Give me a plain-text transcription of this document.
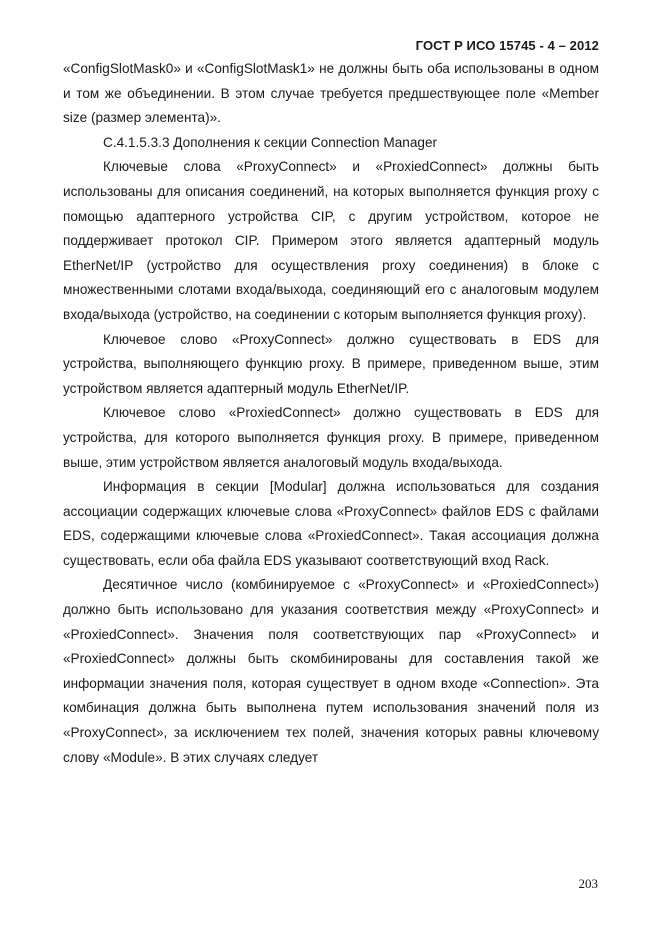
ГОСТ Р ИСО 15745 - 4 – 2012

«ConfigSlotMask0» и «ConfigSlotMask1» не должны быть оба использованы в одном и том же объединении. В этом случае требуется предшествующее поле «Member size (размер элемента)».

C.4.1.5.3.3 Дополнения к секции Connection Manager

Ключевые слова «ProxyConnect» и «ProxiedConnect» должны быть использованы для описания соединений, на которых выполняется функция proxy с помощью адаптерного устройства CIP, с другим устройством, которое не поддерживает протокол CIP. Примером этого является адаптерный модуль EtherNet/IP (устройство для осуществления proxy соединения) в блоке с множественными слотами входа/выхода, соединяющий его с аналоговым модулем входа/выхода (устройство, на соединении с которым выполняется функция proxy).

Ключевое слово «ProxyConnect» должно существовать в EDS для устройства, выполняющего функцию proxy. В примере, приведенном выше, этим устройством является адаптерный модуль EtherNet/IP.

Ключевое слово «ProxiedConnect» должно существовать в EDS для устройства, для которого выполняется функция proxy. В примере, приведенном выше, этим устройством является аналоговый модуль входа/выхода.

Информация в секции [Modular] должна использоваться для создания ассоциации содержащих ключевые слова «ProxyConnect» файлов EDS с файлами EDS, содержащими ключевые слова «ProxiedConnect». Такая ассоциация должна существовать, если оба файла EDS указывают соответствующий вход Rack.

Десятичное число (комбинируемое с «ProxyConnect» и «ProxiedConnect») должно быть использовано для указания соответствия между «ProxyConnect» и «ProxiedConnect». Значения поля соответствующих пар «ProxyConnect» и «ProxiedConnect» должны быть скомбинированы для составления такой же информации значения поля, которая существует в одном входе «Connection». Эта комбинация должна быть выполнена путем использования значений поля из «ProxyConnect», за исключением тех полей, значения которых равны ключевому слову «Module». В этих случаях следует

203
